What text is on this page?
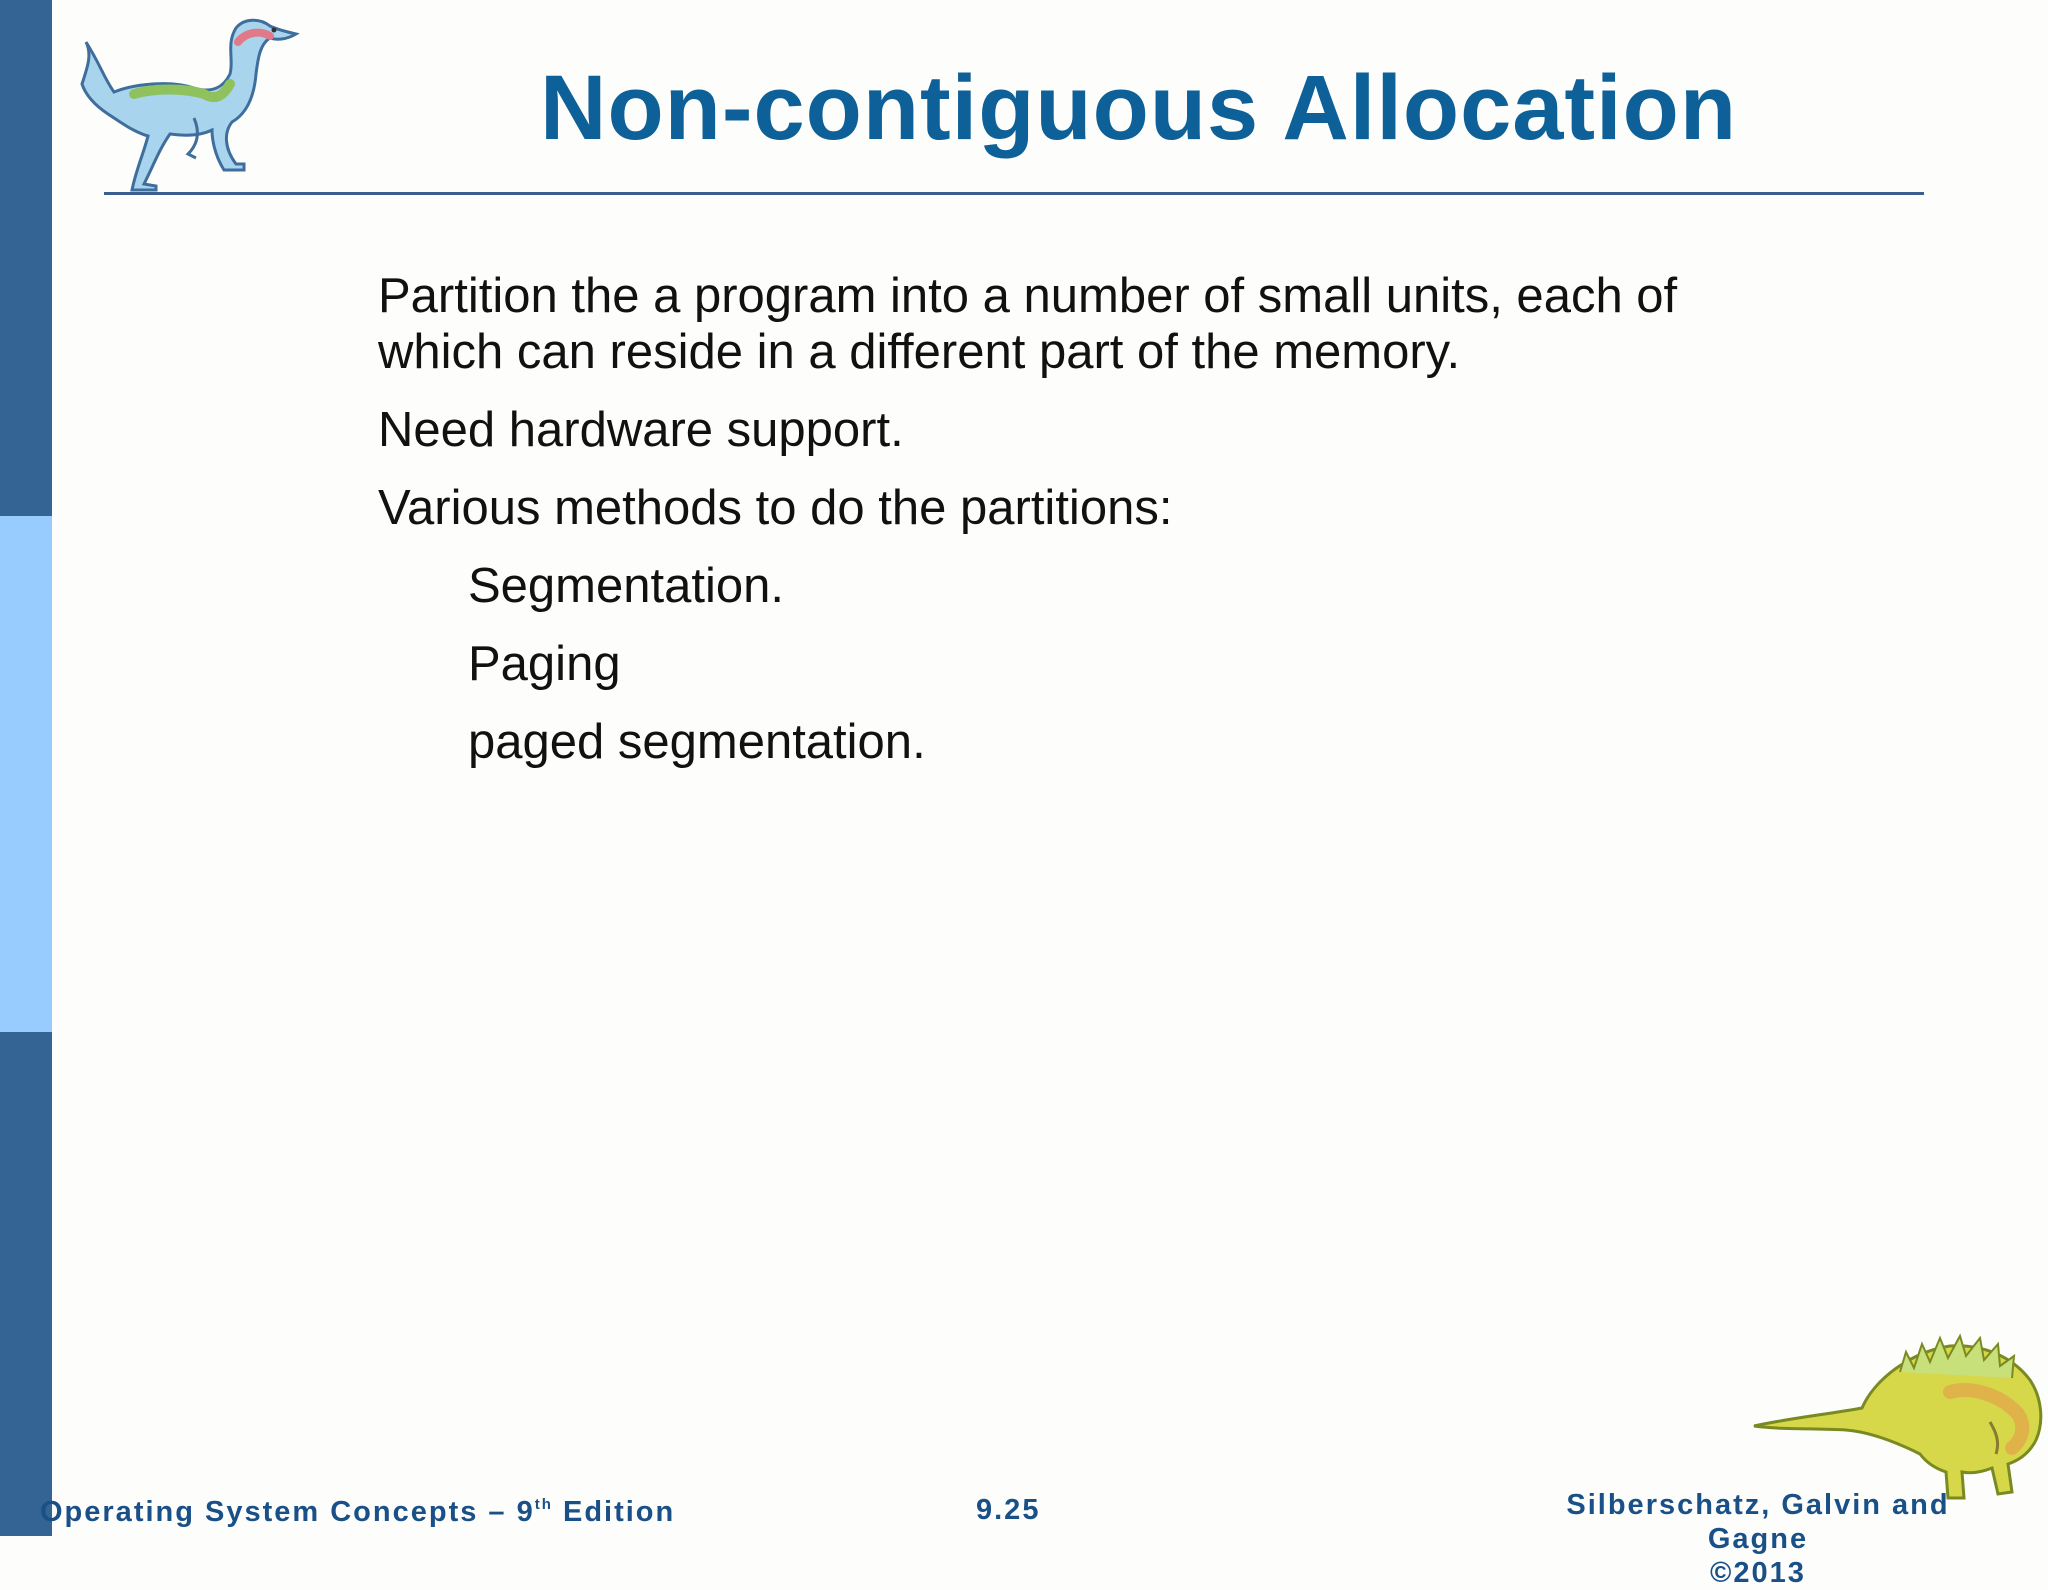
Non-contiguous Allocation
Partition the a program into a number of small units, each of which can reside in a different part of the memory.
Need hardware support.
Various methods to do the partitions:
Segmentation.
Paging
paged segmentation.
Operating System Concepts – 9th Edition	9.25	Silberschatz, Galvin and Gagne
©2013
